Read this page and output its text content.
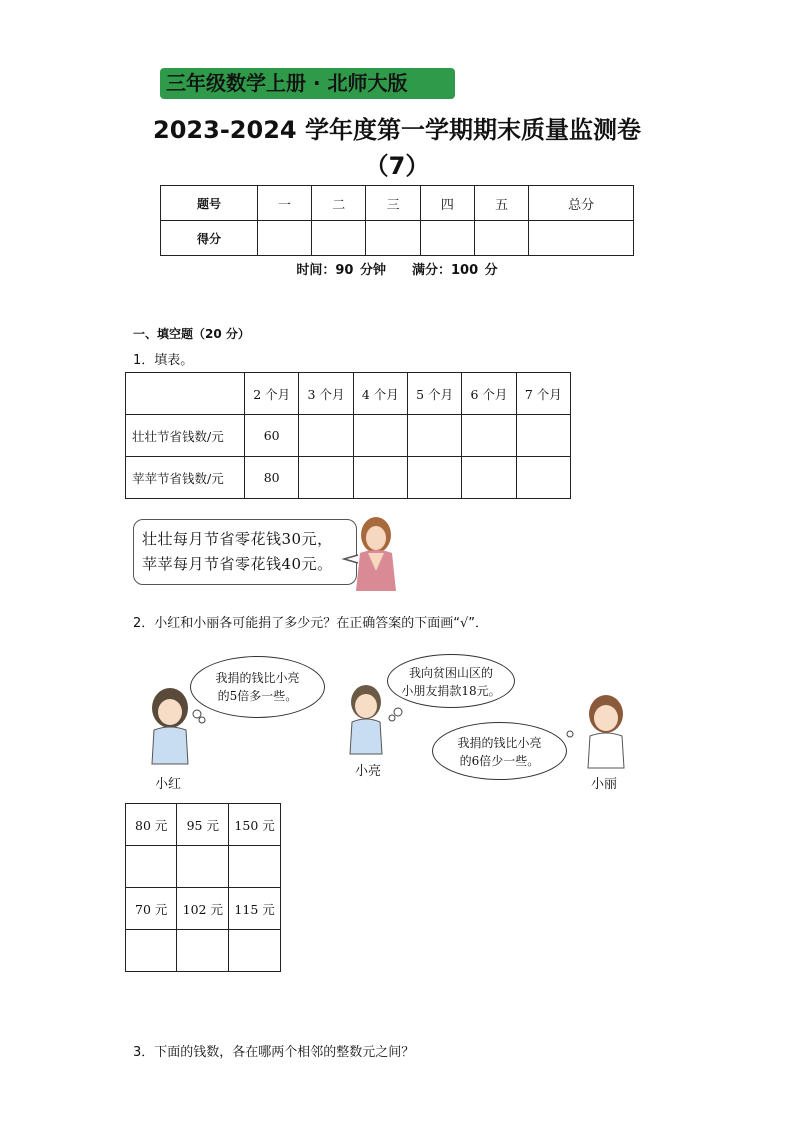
三年级数学上册 · 北师大版
2023-2024 学年度第一学期期末质量监测卷
（7）
题号	一	二	三	四	五	总分
得分						
时间：90 分钟　　满分：100 分
一、填空题（20 分）
1．填表。
	2 个月	3 个月	4 个月	5 个月	6 个月	7 个月
壮壮节省钱数/元	60					
苹苹节省钱数/元	80					
壮壮每月节省零花钱30元，
苹苹每月节省零花钱40元。
2．小红和小丽各可能捐了多少元？在正确答案的下面画“√”．
我捐的钱比小亮
的5倍多一些。
我向贫困山区的
小朋友捐款18元。
我捐的钱比小亮
的6倍少一些。
小红
小亮
小丽
80 元	95 元	150 元

70 元	102 元	115 元

3．下面的钱数，各在哪两个相邻的整数元之间？
